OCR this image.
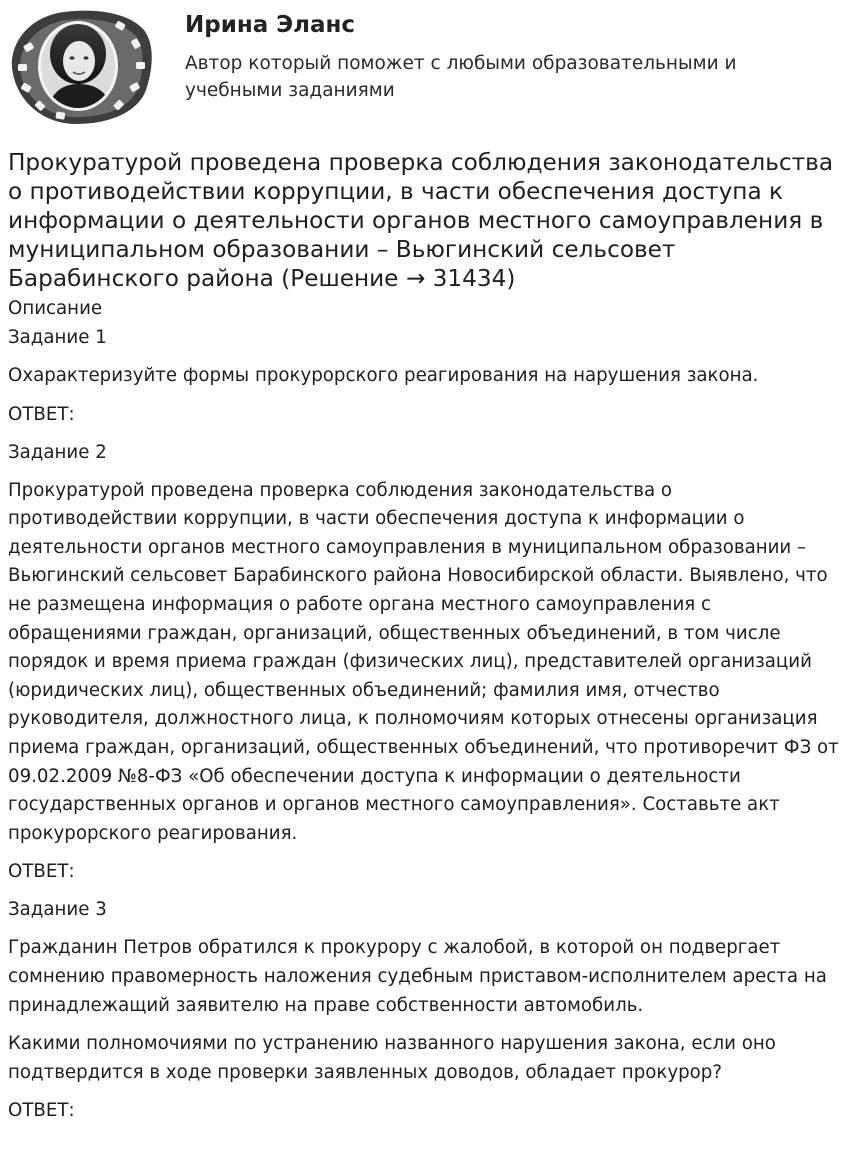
Ирина Эланс

Автор который поможет с любыми образовательными и учебными заданиями

Прокуратурой проведена проверка соблюдения законодательства о противодействии коррупции, в части обеспечения доступа к информации о деятельности органов местного самоуправления в муниципальном образовании – Вьюгинский сельсовет Барабинского района (Решение → 31434)

Описание

Задание 1

Охарактеризуйте формы прокурорского реагирования на нарушения закона.

ОТВЕТ:

Задание 2

Прокуратурой проведена проверка соблюдения законодательства о противодействии коррупции, в части обеспечения доступа к информации о деятельности органов местного самоуправления в муниципальном образовании – Вьюгинский сельсовет Барабинского района Новосибирской области. Выявлено, что не размещена информация о работе органа местного самоуправления с обращениями граждан, организаций, общественных объединений, в том числе порядок и время приема граждан (физических лиц), представителей организаций (юридических лиц), общественных объединений; фамилия имя, отчество руководителя, должностного лица, к полномочиям которых отнесены организация приема граждан, организаций, общественных объединений, что противоречит ФЗ от 09.02.2009 №8-ФЗ «Об обеспечении доступа к информации о деятельности государственных органов и органов местного самоуправления». Составьте акт прокурорского реагирования.

ОТВЕТ:

Задание 3

Гражданин Петров обратился к прокурору с жалобой, в которой он подвергает сомнению правомерность наложения судебным приставом-исполнителем ареста на принадлежащий заявителю на праве собственности автомобиль.

Какими полномочиями по устранению названного нарушения закона, если оно подтвердится в ходе проверки заявленных доводов, обладает прокурор?

ОТВЕТ:
